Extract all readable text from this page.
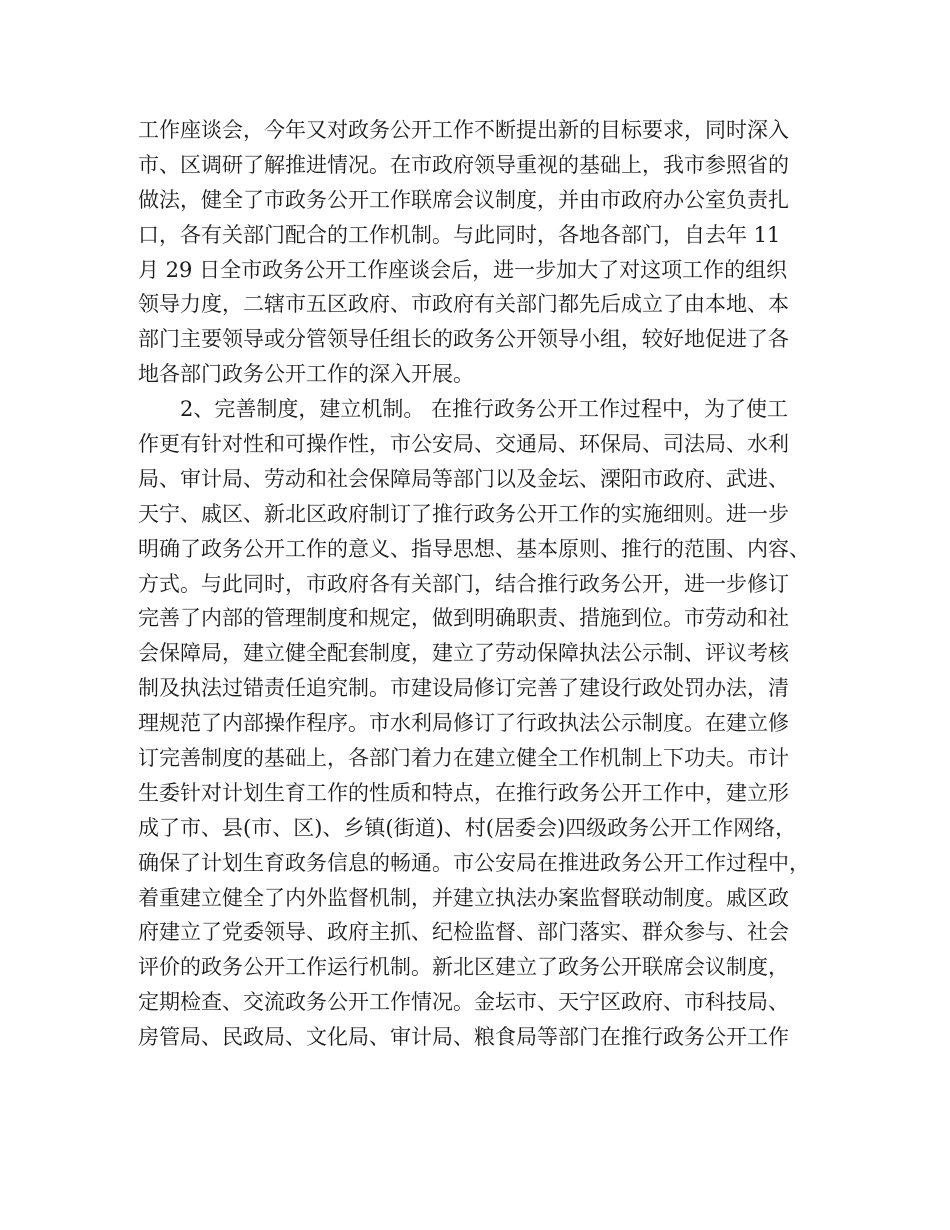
工作座谈会，今年又对政务公开工作不断提出新的目标要求，同时深入
市、区调研了解推进情况。在市政府领导重视的基础上，我市参照省的
做法，健全了市政务公开工作联席会议制度，并由市政府办公室负责扎
口，各有关部门配合的工作机制。与此同时，各地各部门，自去年 11
月 29 日全市政务公开工作座谈会后，进一步加大了对这项工作的组织
领导力度，二辖市五区政府、市政府有关部门都先后成立了由本地、本
部门主要领导或分管领导任组长的政务公开领导小组，较好地促进了各
地各部门政务公开工作的深入开展。
2、完善制度，建立机制。 在推行政务公开工作过程中，为了使工
作更有针对性和可操作性，市公安局、交通局、环保局、司法局、水利
局、审计局、劳动和社会保障局等部门以及金坛、溧阳市政府、武进、
天宁、戚区、新北区政府制订了推行政务公开工作的实施细则。进一步
明确了政务公开工作的意义、指导思想、基本原则、推行的范围、内容、
方式。与此同时，市政府各有关部门，结合推行政务公开，进一步修订
完善了内部的管理制度和规定，做到明确职责、措施到位。市劳动和社
会保障局，建立健全配套制度，建立了劳动保障执法公示制、评议考核
制及执法过错责任追究制。市建设局修订完善了建设行政处罚办法，清
理规范了内部操作程序。市水利局修订了行政执法公示制度。在建立修
订完善制度的基础上，各部门着力在建立健全工作机制上下功夫。市计
生委针对计划生育工作的性质和特点，在推行政务公开工作中，建立形
成了市、县(市、区)、乡镇(街道)、村(居委会)四级政务公开工作网络，
确保了计划生育政务信息的畅通。市公安局在推进政务公开工作过程中，
着重建立健全了内外监督机制，并建立执法办案监督联动制度。戚区政
府建立了党委领导、政府主抓、纪检监督、部门落实、群众参与、社会
评价的政务公开工作运行机制。新北区建立了政务公开联席会议制度，
定期检查、交流政务公开工作情况。金坛市、天宁区政府、市科技局、
房管局、民政局、文化局、审计局、粮食局等部门在推行政务公开工作
